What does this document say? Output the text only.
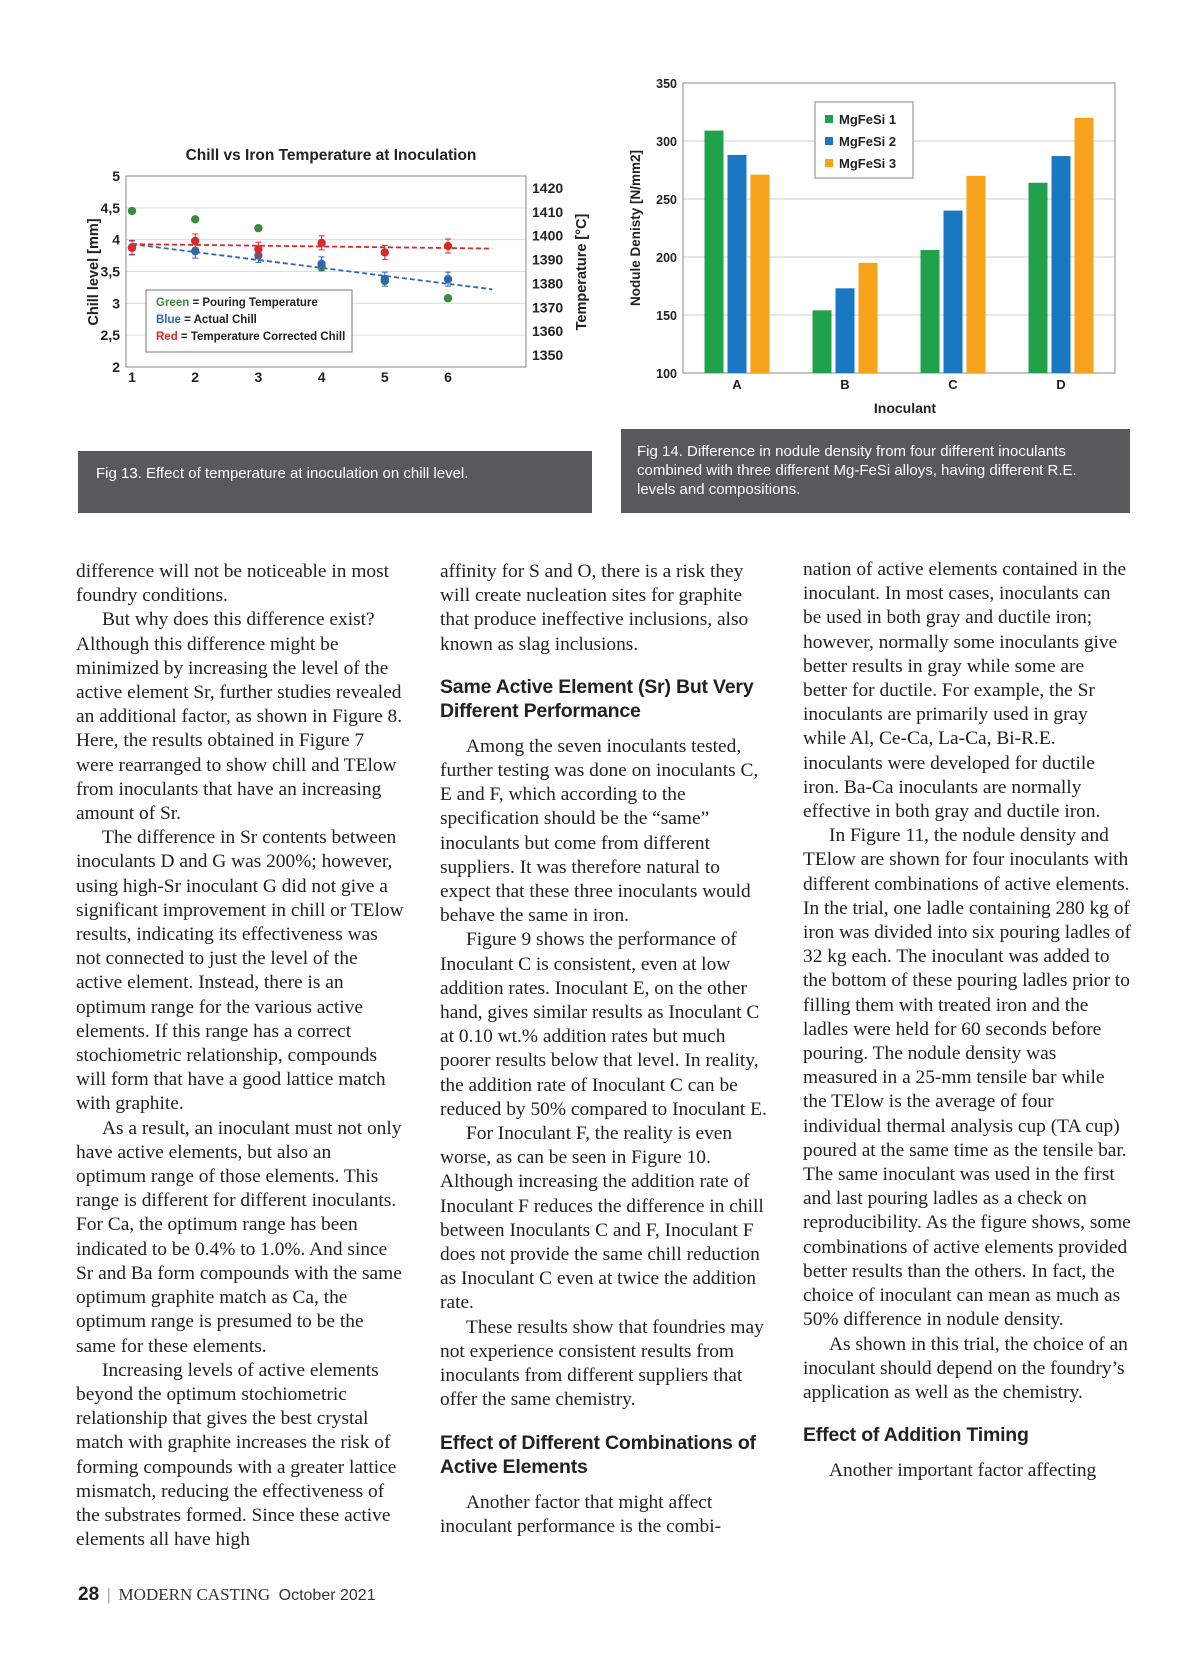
Chill vs Iron Temperature at Inoculation
2
2,5
3
3,5
4
4,5
5
1350
1360
1370
1380
1390
1400
1410
1420
1	2	3	4	5	6
Chill level [mm]	Temperature [°C]
Green = Pouring Temperature
Blue = Actual Chill
Red = Temperature Corrected Chill
Fig 13. Effect of temperature at inoculation on chill level.
100
150
200
250
300
350
A	B	C	D
Nodule Denisty [N/mm2]
Inoculant
MgFeSi 1
MgFeSi 2
MgFeSi 3
Fig 14. Difference in nodule density from four different inoculants combined with three different Mg-FeSi alloys, having different R.E. levels and compositions.

difference will not be noticeable in most foundry conditions.

But why does this difference exist? Although this difference might be minimized by increasing the level of the active element Sr, further studies revealed an additional factor, as shown in Figure 8. Here, the results obtained in Figure 7 were rearranged to show chill and TElow from inoculants that have an increasing amount of Sr.

The difference in Sr contents between inoculants D and G was 200%; however, using high-Sr inoculant G did not give a significant improvement in chill or TElow results, indicating its effectiveness was not connected to just the level of the active element. Instead, there is an optimum range for the various active elements. If this range has a correct stochiometric relationship, compounds will form that have a good lattice match with graphite.

As a result, an inoculant must not only have active elements, but also an optimum range of those elements. This range is different for different inoculants. For Ca, the optimum range has been indicated to be 0.4% to 1.0%. And since Sr and Ba form compounds with the same optimum graphite match as Ca, the optimum range is presumed to be the same for these elements.

Increasing levels of active elements beyond the optimum stochiometric relationship that gives the best crystal match with graphite increases the risk of forming compounds with a greater lattice mismatch, reducing the effectiveness of the substrates formed. Since these active elements all have high

affinity for S and O, there is a risk they will create nucleation sites for graphite that produce ineffective inclusions, also known as slag inclusions.

Same Active Element (Sr) But Very Different Performance

Among the seven inoculants tested, further testing was done on inoculants C, E and F, which according to the specification should be the “same” inoculants but come from different suppliers. It was therefore natural to expect that these three inoculants would behave the same in iron.

Figure 9 shows the performance of Inoculant C is consistent, even at low addition rates. Inoculant E, on the other hand, gives similar results as Inoculant C at 0.10 wt.% addition rates but much poorer results below that level. In reality, the addition rate of Inoculant C can be reduced by 50% compared to Inoculant E.

For Inoculant F, the reality is even worse, as can be seen in Figure 10. Although increasing the addition rate of Inoculant F reduces the difference in chill between Inoculants C and F, Inoculant F does not provide the same chill reduction as Inoculant C even at twice the addition rate.

These results show that foundries may not experience consistent results from inoculants from different suppliers that offer the same chemistry.

Effect of Different Combinations of Active Elements

Another factor that might affect inoculant performance is the combi-

nation of active elements contained in the inoculant. In most cases, inoculants can be used in both gray and ductile iron; however, normally some inoculants give better results in gray while some are better for ductile. For example, the Sr inoculants are primarily used in gray while Al, Ce-Ca, La-Ca, Bi-R.E. inoculants were developed for ductile iron. Ba-Ca inoculants are normally effective in both gray and ductile iron.

In Figure 11, the nodule density and TElow are shown for four inoculants with different combinations of active elements. In the trial, one ladle containing 280 kg of iron was divided into six pouring ladles of 32 kg each. The inoculant was added to the bottom of these pouring ladles prior to filling them with treated iron and the ladles were held for 60 seconds before pouring. The nodule density was measured in a 25-mm tensile bar while the TElow is the average of four individual thermal analysis cup (TA cup) poured at the same time as the tensile bar. The same inoculant was used in the first and last pouring ladles as a check on reproducibility. As the figure shows, some combinations of active elements provided better results than the others. In fact, the choice of inoculant can mean as much as 50% difference in nodule density.

As shown in this trial, the choice of an inoculant should depend on the foundry’s application as well as the chemistry.

Effect of Addition Timing

Another important factor affecting

28 | MODERN CASTING October 2021
